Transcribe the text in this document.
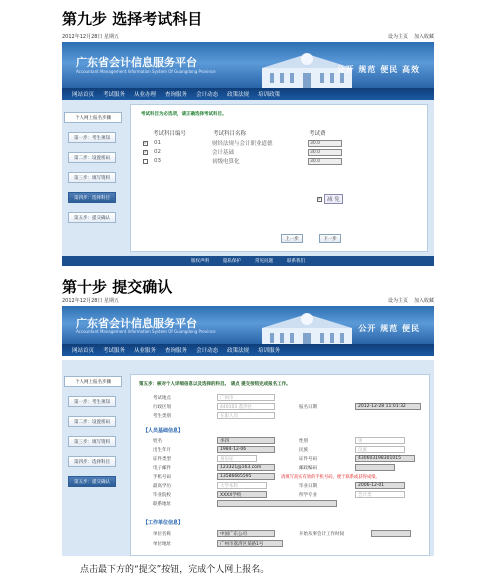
第九步 选择考试科目
2012年12月28日 星期五	设为主页 加入收藏
广东省会计信息服务平台
Accountant Management Information System Of Guangdong Province	公开 规范 便民 高效
网站首页 考试服务 从业办理 查询服务 会计动态 政策法规 培训政策
个人网上报名步骤
第一步：考生须知
第二步：设置密码
第三步：填写资料
第四步：选择科目
第五步：提交确认
考试科目为必选项，请正确选择考试科目。
考试科目编号	考试科目名称	考试费
✓	01	财经法规与会计职业道德	30.0
✓	02	会计基础	30.0
03	初级电算化	30.0
✓	减 免
上一步	下一步
版权声明	隐私保护	常见问题	联系我们
第十步 提交确认
2012年12月28日 星期五	设为主页 加入收藏
广东省会计信息服务平台
Accountant Management Information System Of Guangdong Province	公开 规范 便民
网站首页 考试服务 从业服务 查询服务 会计动态 政策法规 培训服务
个人网上报名步骤
第一步：考生须知
第二步：设置密码
第三步：填写资料
第四步：选择科目
第五步：提交确认
第五步：核对个人详细信息以及选择的科目。 请点 提交按钮完成报名工作。
考试地点	广州市
行政区划	440103 荔湾区	报名日期	2012-12-28 11:01:32
考生类别	在职人员
【人员基础信息】
姓名	李四	性别	男
出生年月	1984-12-06	民族	汉族
证件类型	身份证	证件号码	430603198301015
电子邮件	123321@163.com	邮政编码
手机号码	13586665595	请填写真实有效的手机号码，便于联系或获得成绩。
最高学历	大学本科	毕业日期	2006-12-01
毕业院校	XXXX学校	所学专业	会计类
联系地址
【工作单位信息】
单位名称	中国广东公司	开始从事会计工作时间
单位地址	广州市荔湾区某路1号
点击最下方的“提交”按钮，完成个人网上报名。
